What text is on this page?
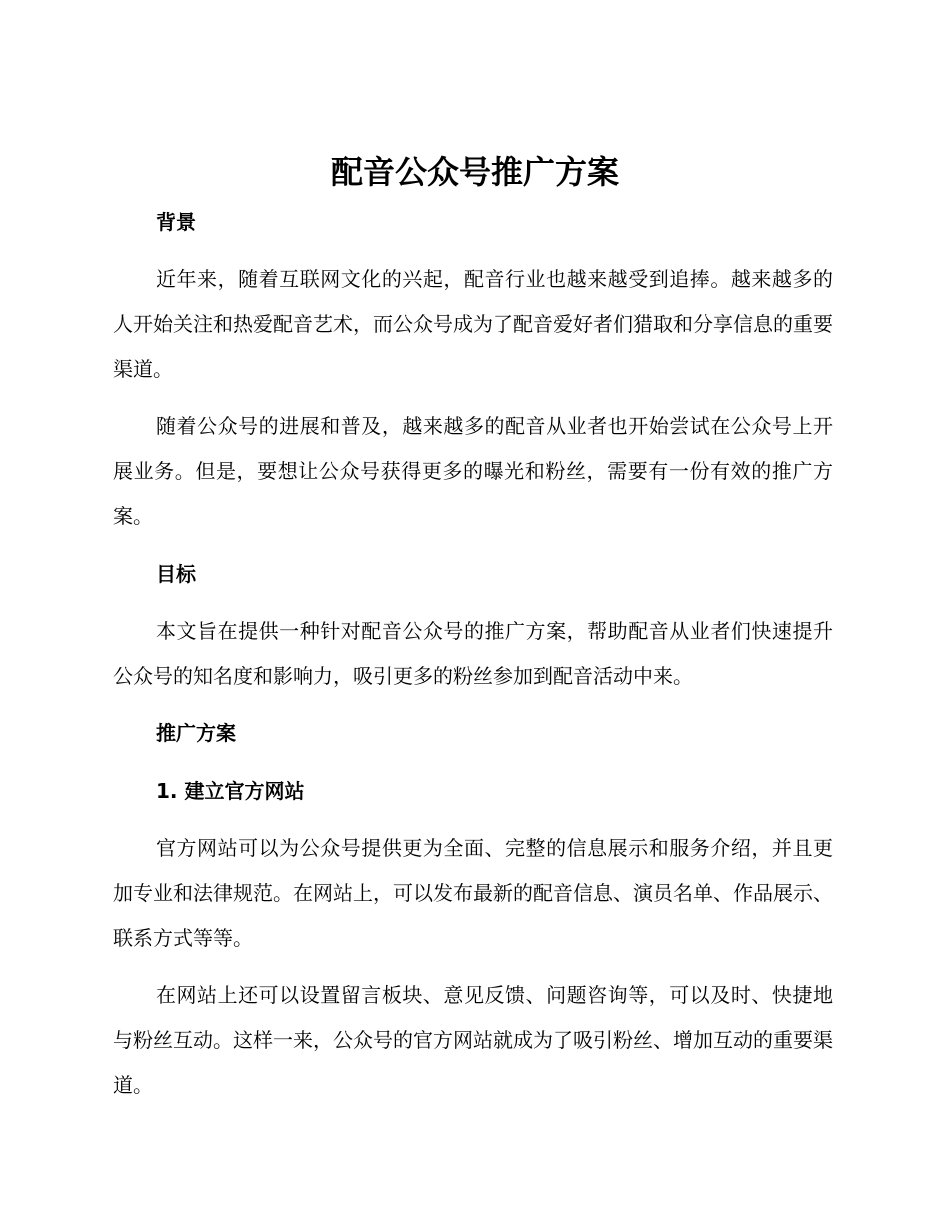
配音公众号推广方案
背景

近年来，随着互联网文化的兴起，配音行业也越来越受到追捧。越来越多的人开始关注和热爱配音艺术，而公众号成为了配音爱好者们猎取和分享信息的重要渠道。

随着公众号的进展和普及，越来越多的配音从业者也开始尝试在公众号上开展业务。但是，要想让公众号获得更多的曝光和粉丝，需要有一份有效的推广方案。

目标

本文旨在提供一种针对配音公众号的推广方案，帮助配音从业者们快速提升公众号的知名度和影响力，吸引更多的粉丝参加到配音活动中来。

推广方案
1. 建立官方网站

官方网站可以为公众号提供更为全面、完整的信息展示和服务介绍，并且更加专业和法律规范。在网站上，可以发布最新的配音信息、演员名单、作品展示、联系方式等等。

在网站上还可以设置留言板块、意见反馈、问题咨询等，可以及时、快捷地与粉丝互动。这样一来，公众号的官方网站就成为了吸引粉丝、增加互动的重要渠道。
